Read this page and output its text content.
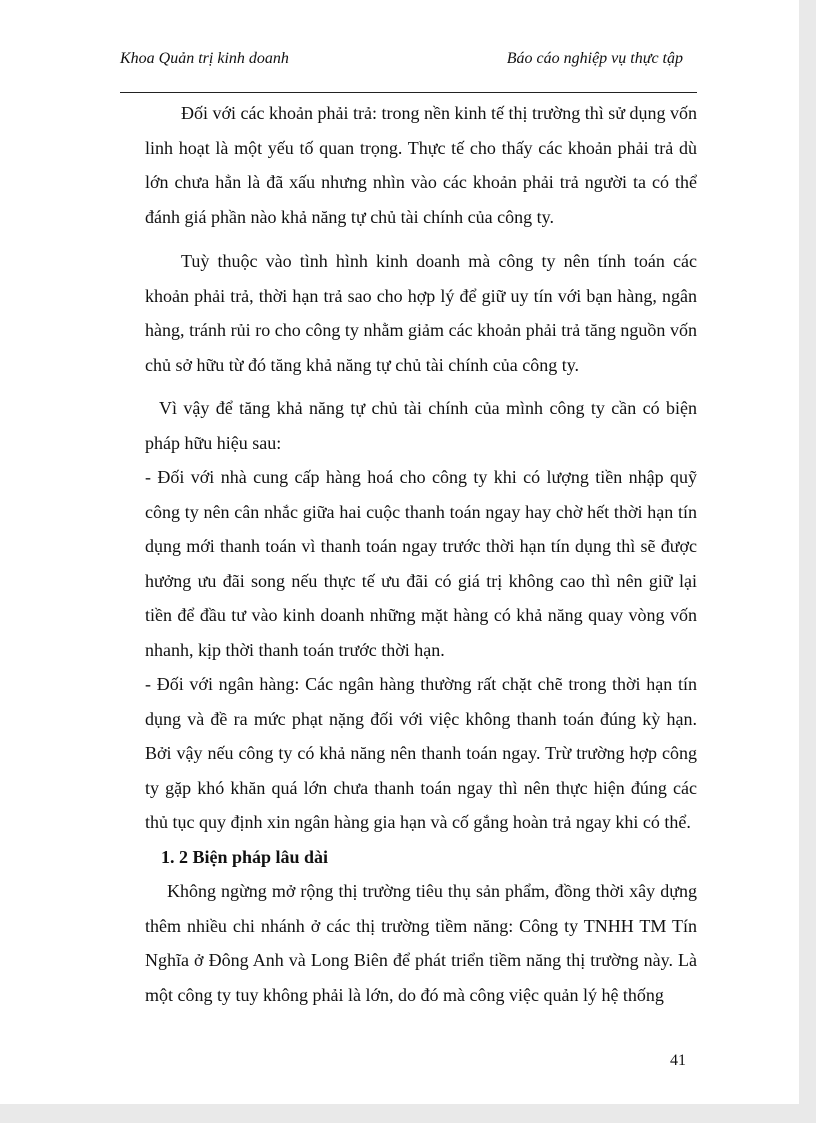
Khoa Quản trị kinh doanh	Báo cáo nghiệp vụ thực tập

Đối với các khoản phải trả: trong nền kinh tế thị trường thì sử dụng vốn linh hoạt là một yếu tố quan trọng. Thực tế cho thấy các khoản phải trả dù lớn chưa hẳn là đã xấu nhưng nhìn vào các khoản phải trả người ta có thể đánh giá phần nào khả năng tự chủ tài chính của công ty.

Tuỳ thuộc vào tình hình kinh doanh mà công ty nên tính toán các khoản phải trả, thời hạn trả sao cho hợp lý để giữ uy tín với bạn hàng, ngân hàng, tránh rủi ro cho công ty nhằm giảm các khoản phải trả tăng nguồn vốn chủ sở hữu từ đó tăng khả năng tự chủ tài chính của công ty.

Vì vậy để tăng khả năng tự chủ tài chính của mình công ty cần có biện pháp hữu hiệu sau:

- Đối với nhà cung cấp hàng hoá cho công ty khi có lượng tiền nhập quỹ công ty nên cân nhắc giữa hai cuộc thanh toán ngay hay chờ hết thời hạn tín dụng mới thanh toán vì thanh toán ngay trước thời hạn tín dụng thì sẽ được hưởng ưu đãi song nếu thực tế ưu đãi có giá trị không cao thì nên giữ lại tiền để đầu tư vào kinh doanh những mặt hàng có khả năng quay vòng vốn nhanh, kịp thời thanh toán trước thời hạn.

- Đối với ngân hàng: Các ngân hàng thường rất chặt chẽ trong thời hạn tín dụng và đề ra mức phạt nặng đối với việc không thanh toán đúng kỳ hạn. Bởi vậy nếu công ty có khả năng nên thanh toán ngay. Trừ trường hợp công ty gặp khó khăn quá lớn chưa thanh toán ngay thì nên thực hiện đúng các thủ tục quy định xin ngân hàng gia hạn và cố gắng hoàn trả ngay khi có thể.

1. 2 Biện pháp lâu dài

Không ngừng mở rộng thị trường tiêu thụ sản phẩm, đồng thời xây dựng thêm nhiều chi nhánh ở các thị trường tiềm năng: Công ty TNHH TM Tín Nghĩa ở Đông Anh và Long Biên để phát triển tiềm năng thị trường này. Là một công ty tuy không phải là lớn, do đó mà công việc quản lý hệ thống

41
